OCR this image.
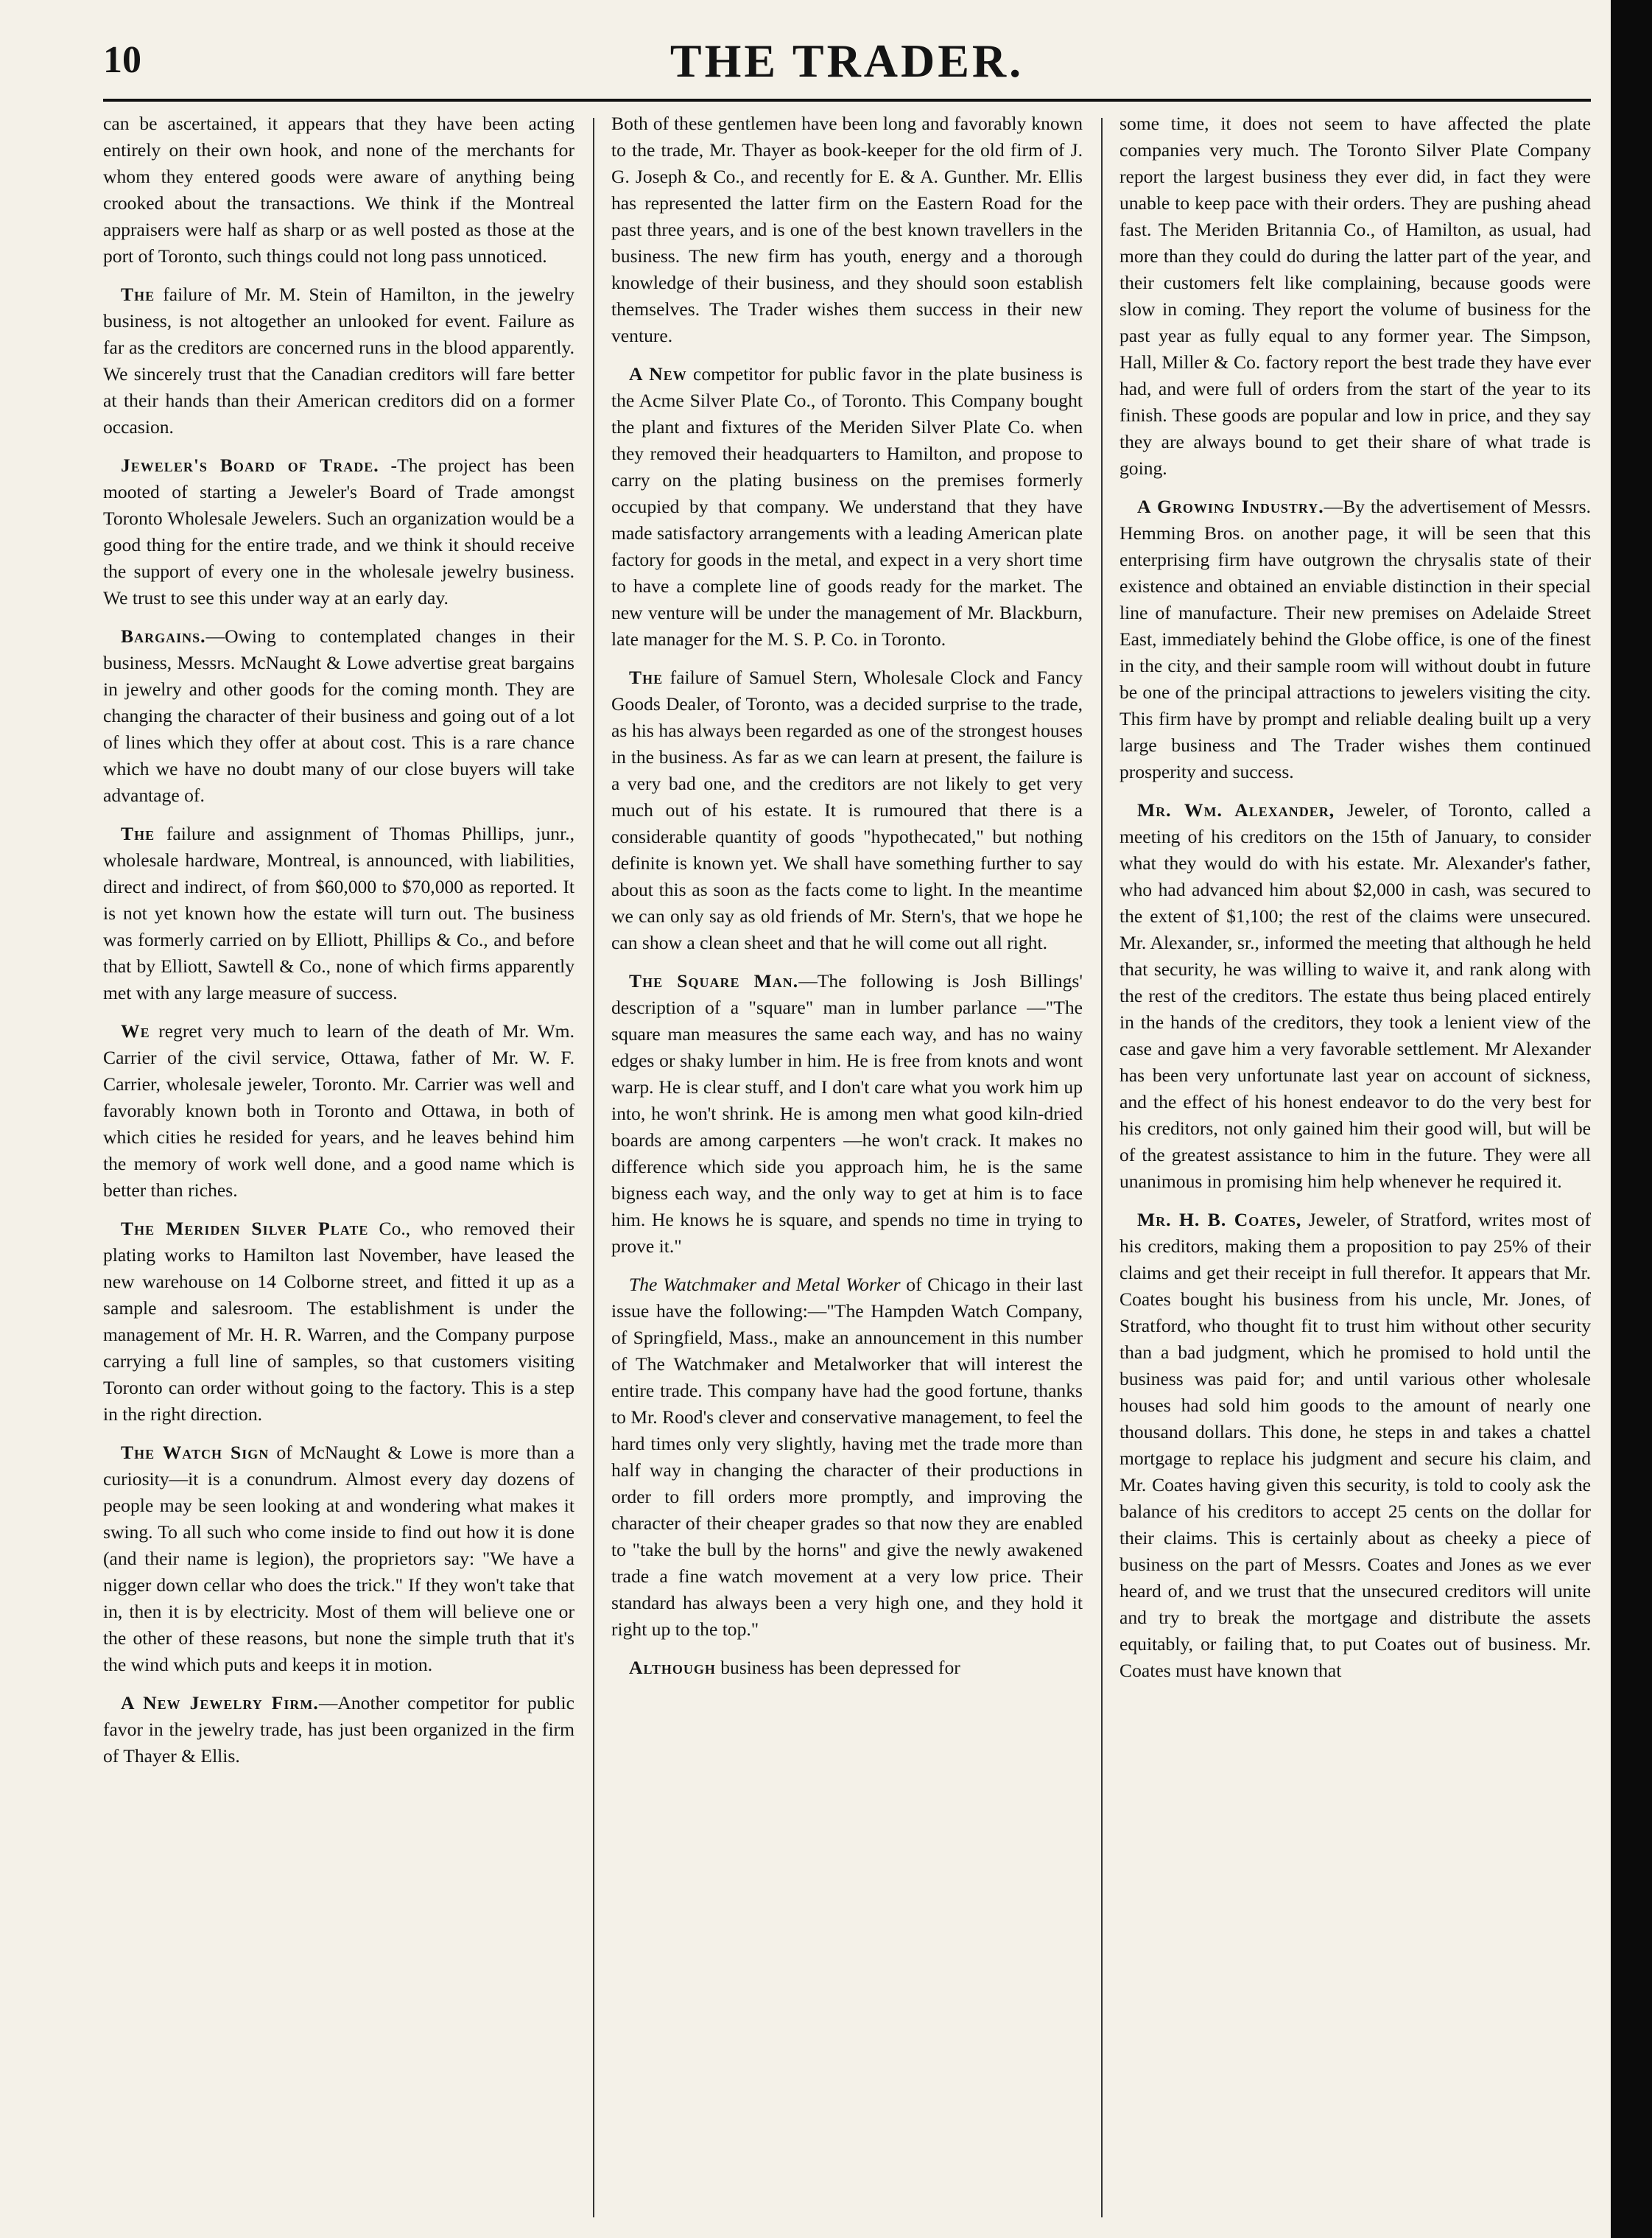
10	THE TRADER.

can be ascertained, it appears that they have been acting entirely on their own hook, and none of the merchants for whom they entered goods were aware of anything being crooked about the transactions. We think if the Montreal appraisers were half as sharp or as well posted as those at the port of Toronto, such things could not long pass unnoticed.

The failure of Mr. M. Stein of Hamilton, in the jewelry business, is not altogether an unlooked for event. Failure as far as the creditors are concerned runs in the blood apparently. We sincerely trust that the Canadian creditors will fare better at their hands than their American creditors did on a former occasion.

Jeweler's Board of Trade. -The project has been mooted of starting a Jeweler's Board of Trade amongst Toronto Wholesale Jewelers. Such an organization would be a good thing for the entire trade, and we think it should receive the support of every one in the wholesale jewelry business. We trust to see this under way at an early day.

Bargains.—Owing to contemplated changes in their business, Messrs. McNaught & Lowe advertise great bargains in jewelry and other goods for the coming month. They are changing the character of their business and going out of a lot of lines which they offer at about cost. This is a rare chance which we have no doubt many of our close buyers will take advantage of.

The failure and assignment of Thomas Phillips, junr., wholesale hardware, Montreal, is announced, with liabilities, direct and indirect, of from $60,000 to $70,000 as reported. It is not yet known how the estate will turn out. The business was formerly carried on by Elliott, Phillips & Co., and before that by Elliott, Sawtell & Co., none of which firms apparently met with any large measure of success.

We regret very much to learn of the death of Mr. Wm. Carrier of the civil service, Ottawa, father of Mr. W. F. Carrier, wholesale jeweler, Toronto. Mr. Carrier was well and favorably known both in Toronto and Ottawa, in both of which cities he resided for years, and he leaves behind him the memory of work well done, and a good name which is better than riches.

The Meriden Silver Plate Co., who removed their plating works to Hamilton last November, have leased the new warehouse on 14 Colborne street, and fitted it up as a sample and salesroom. The establishment is under the management of Mr. H. R. Warren, and the Company purpose carrying a full line of samples, so that customers visiting Toronto can order without going to the factory. This is a step in the right direction.

The Watch Sign of McNaught & Lowe is more than a curiosity—it is a conundrum. Almost every day dozens of people may be seen looking at and wondering what makes it swing. To all such who come inside to find out how it is done (and their name is legion), the proprietors say: "We have a nigger down cellar who does the trick." If they won't take that in, then it is by electricity. Most of them will believe one or the other of these reasons, but none the simple truth that it's the wind which puts and keeps it in motion.

A New Jewelry Firm.—Another competitor for public favor in the jewelry trade, has just been organized in the firm of Thayer & Ellis.

Both of these gentlemen have been long and favorably known to the trade, Mr. Thayer as book-keeper for the old firm of J. G. Joseph & Co., and recently for E. & A. Gunther. Mr. Ellis has represented the latter firm on the Eastern Road for the past three years, and is one of the best known travellers in the business. The new firm has youth, energy and a thorough knowledge of their business, and they should soon establish themselves. The Trader wishes them success in their new venture.

A New competitor for public favor in the plate business is the Acme Silver Plate Co., of Toronto. This Company bought the plant and fixtures of the Meriden Silver Plate Co. when they removed their headquarters to Hamilton, and propose to carry on the plating business on the premises formerly occupied by that company. We understand that they have made satisfactory arrangements with a leading American plate factory for goods in the metal, and expect in a very short time to have a complete line of goods ready for the market. The new venture will be under the management of Mr. Blackburn, late manager for the M. S. P. Co. in Toronto.

The failure of Samuel Stern, Wholesale Clock and Fancy Goods Dealer, of Toronto, was a decided surprise to the trade, as his has always been regarded as one of the strongest houses in the business. As far as we can learn at present, the failure is a very bad one, and the creditors are not likely to get very much out of his estate. It is rumoured that there is a considerable quantity of goods "hypothecated," but nothing definite is known yet. We shall have something further to say about this as soon as the facts come to light. In the meantime we can only say as old friends of Mr. Stern's, that we hope he can show a clean sheet and that he will come out all right.

The Square Man.—The following is Josh Billings' description of a "square" man in lumber parlance —"The square man measures the same each way, and has no wainy edges or shaky lumber in him. He is free from knots and wont warp. He is clear stuff, and I don't care what you work him up into, he won't shrink. He is among men what good kiln-dried boards are among carpenters —he won't crack. It makes no difference which side you approach him, he is the same bigness each way, and the only way to get at him is to face him. He knows he is square, and spends no time in trying to prove it."

The Watchmaker and Metal Worker of Chicago in their last issue have the following:—"The Hampden Watch Company, of Springfield, Mass., make an announcement in this number of The Watchmaker and Metalworker that will interest the entire trade. This company have had the good fortune, thanks to Mr. Rood's clever and conservative management, to feel the hard times only very slightly, having met the trade more than half way in changing the character of their productions in order to fill orders more promptly, and improving the character of their cheaper grades so that now they are enabled to "take the bull by the horns" and give the newly awakened trade a fine watch movement at a very low price. Their standard has always been a very high one, and they hold it right up to the top."

Although business has been depressed for

some time, it does not seem to have affected the plate companies very much. The Toronto Silver Plate Company report the largest business they ever did, in fact they were unable to keep pace with their orders. They are pushing ahead fast. The Meriden Britannia Co., of Hamilton, as usual, had more than they could do during the latter part of the year, and their customers felt like complaining, because goods were slow in coming. They report the volume of business for the past year as fully equal to any former year. The Simpson, Hall, Miller & Co. factory report the best trade they have ever had, and were full of orders from the start of the year to its finish. These goods are popular and low in price, and they say they are always bound to get their share of what trade is going.

A Growing Industry.—By the advertisement of Messrs. Hemming Bros. on another page, it will be seen that this enterprising firm have outgrown the chrysalis state of their existence and obtained an enviable distinction in their special line of manufacture. Their new premises on Adelaide Street East, immediately behind the Globe office, is one of the finest in the city, and their sample room will without doubt in future be one of the principal attractions to jewelers visiting the city. This firm have by prompt and reliable dealing built up a very large business and The Trader wishes them continued prosperity and success.

Mr. Wm. Alexander, Jeweler, of Toronto, called a meeting of his creditors on the 15th of January, to consider what they would do with his estate. Mr. Alexander's father, who had advanced him about $2,000 in cash, was secured to the extent of $1,100; the rest of the claims were unsecured. Mr. Alexander, sr., informed the meeting that although he held that security, he was willing to waive it, and rank along with the rest of the creditors. The estate thus being placed entirely in the hands of the creditors, they took a lenient view of the case and gave him a very favorable settlement. Mr Alexander has been very unfortunate last year on account of sickness, and the effect of his honest endeavor to do the very best for his creditors, not only gained him their good will, but will be of the greatest assistance to him in the future. They were all unanimous in promising him help whenever he required it.

Mr. H. B. Coates, Jeweler, of Stratford, writes most of his creditors, making them a proposition to pay 25% of their claims and get their receipt in full therefor. It appears that Mr. Coates bought his business from his uncle, Mr. Jones, of Stratford, who thought fit to trust him without other security than a bad judgment, which he promised to hold until the business was paid for; and until various other wholesale houses had sold him goods to the amount of nearly one thousand dollars. This done, he steps in and takes a chattel mortgage to replace his judgment and secure his claim, and Mr. Coates having given this security, is told to cooly ask the balance of his creditors to accept 25 cents on the dollar for their claims. This is certainly about as cheeky a piece of business on the part of Messrs. Coates and Jones as we ever heard of, and we trust that the unsecured creditors will unite and try to break the mortgage and distribute the assets equitably, or failing that, to put Coates out of business. Mr. Coates must have known that
